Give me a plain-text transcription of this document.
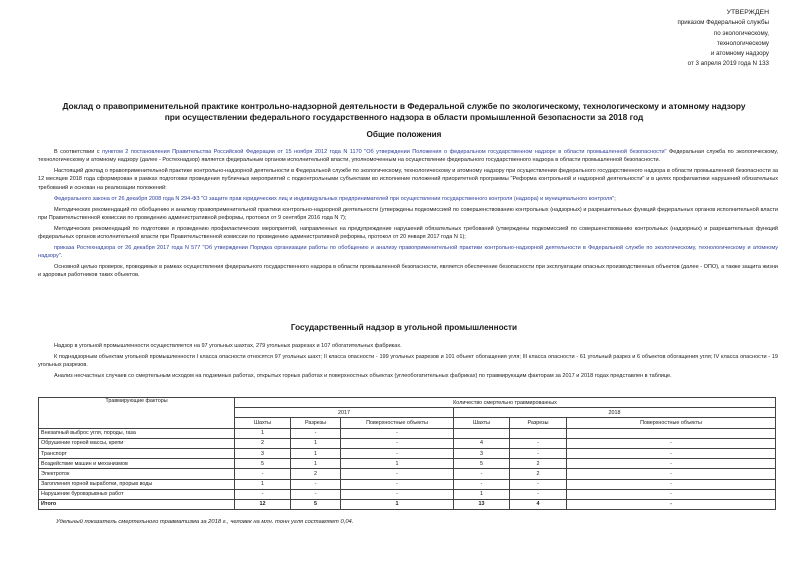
УТВЕРЖДЕН
приказом Федеральной службы
по экологическому,
технологическому
и атомному надзору
от 3 апреля 2019 года N 133
Доклад о правоприменительной практике контрольно-надзорной деятельности в Федеральной службе по экологическому, технологическому и атомному надзору
при осуществлении федерального государственного надзора в области промышленной безопасности за 2018 год
Общие положения

В соответствии с пунктом 2 постановления Правительства Российской Федерации от 15 ноября 2012 года N 1170 "Об утверждении Положения о федеральном государственном надзоре в области промышленной безопасности" Федеральная служба по экологическому, технологическому и атомному надзору (далее - Ростехнадзор) является федеральным органом исполнительной власти, уполномоченным на осуществление федерального государственного надзора в области промышленной безопасности.

Настоящий доклад о правоприменительной практике контрольно-надзорной деятельности в Федеральной службе по экологическому, технологическому и атомному надзору при осуществлении федерального государственного надзора в области промышленной безопасности за 12 месяцев 2018 года сформирован в рамках подготовки проведения публичных мероприятий с подконтрольными субъектами во исполнение положений приоритетной программы "Реформа контрольной и надзорной деятельности" и в целях профилактики нарушений обязательных требований и основан на реализации положений:

Федерального закона от 26 декабря 2008 года N 294-ФЗ "О защите прав юридических лиц и индивидуальных предпринимателей при осуществлении государственного контроля (надзора) и муниципального контроля";

Методических рекомендаций по обобщению и анализу правоприменительной практики контрольно-надзорной деятельности (утверждены подкомиссией по совершенствованию контрольных (надзорных) и разрешительных функций федеральных органов исполнительной власти при Правительственной комиссии по проведению административной реформы, протокол от 9 сентября 2016 года N 7);

Методических рекомендаций по подготовке и проведению профилактических мероприятий, направленных на предупреждение нарушений обязательных требований (утверждены подкомиссией по совершенствованию контрольных (надзорных) и разрешительных функций федеральных органов исполнительной власти при Правительственной комиссии по проведению административной реформы, протокол от 20 января 2017 года N 1);

приказа Ростехнадзора от 26 декабря 2017 года N 577 "Об утверждении Порядка организации работы по обобщению и анализу правоприменительной практики контрольно-надзорной деятельности в Федеральной службе по экологическому, технологическому и атомному надзору".

Основной целью проверок, проводимых в рамках осуществления федерального государственного надзора в области промышленной безопасности, является обеспечение безопасности при эксплуатации опасных производственных объектов (далее - ОПО), а также защита жизни и здоровья работников таких объектов.

Государственный надзор в угольной промышленности

Надзор в угольной промышленности осуществляется на 97 угольных шахтах, 279 угольных разрезах и 107 обогатительных фабриках.

К поднадзорным объектам угольной промышленности I класса опасности относятся 97 угольных шахт; II класса опасности - 199 угольных разрезов и 101 объект обогащения угля; III класса опасности - 61 угольный разрез и 6 объектов обогащения угля; IV класса опасности - 19 угольных разрезов.

Анализ несчастных случаев со смертельным исходом на подземных работах, открытых горных работах и поверхностных объектах (углеобогатительных фабриках) по травмирующим факторам за 2017 и 2018 годах представлен в таблице.

Травмирующие факторы	Количество смертельно травмированных					
	2017			2018		
	Шахты	Разрезы	Поверхностные объекты	Шахты	Разрезы	Поверхностные объекты
Внезапный выброс угля, породы, газа	1	-	-			
Обрушение горной массы, крепи	2	1	-	4	-	-
Транспорт	3	1	-	3	-	-
Воздействие машин и механизмов	5	1	1	5	2	-
Электроток	-	2	-	-	2	-
Загопления горной выработки, прорыв воды	1	-	-	-	-	-
Нарушение буровзрывных работ	-	-	-	1	-	-
Итого	12	5	1	13	4	-
Удельный показатель смертельного травматизма за 2018 г., человек на млн. тонн угля составляет 0,04.
